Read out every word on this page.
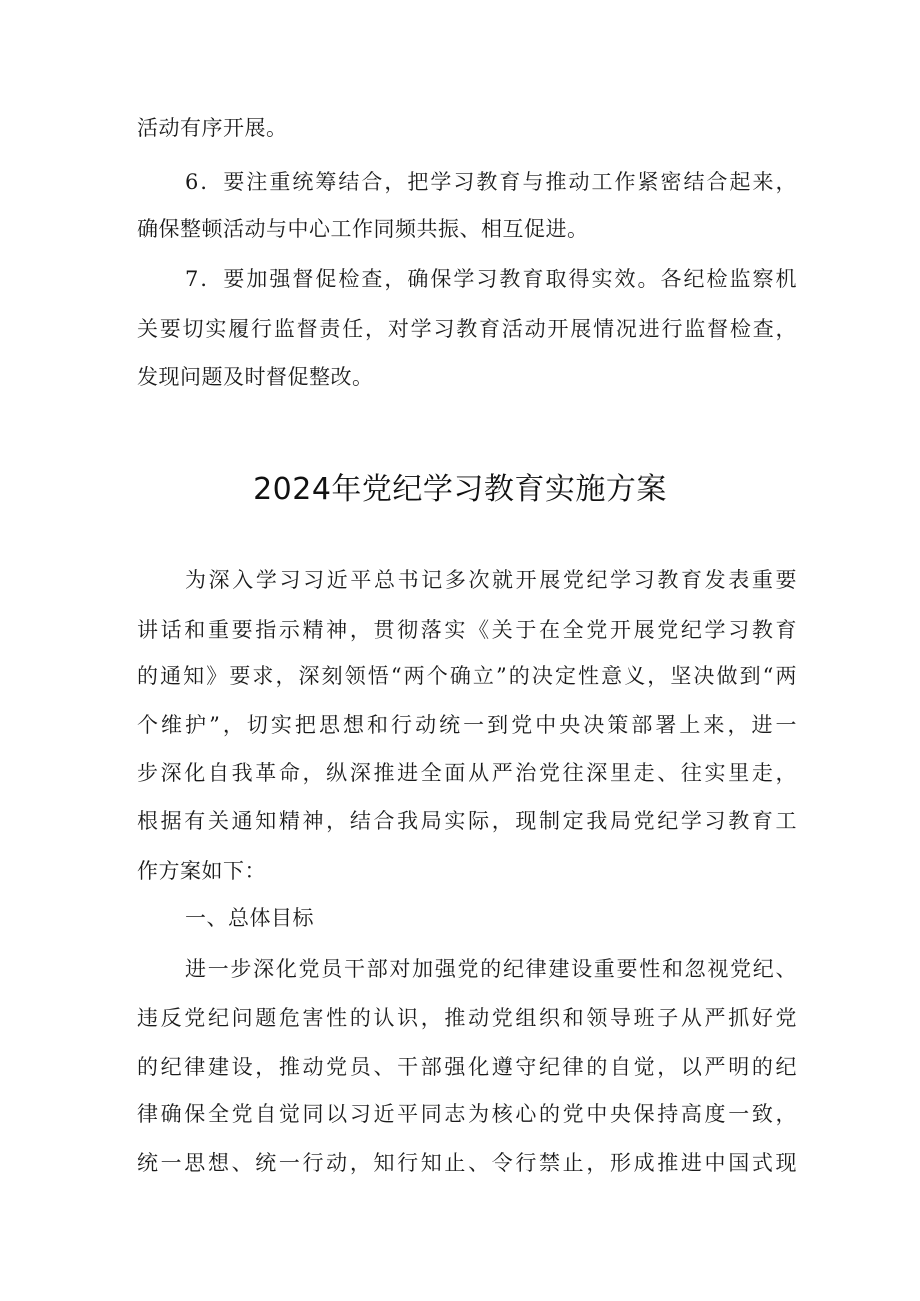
活动有序开展。
6．要注重统筹结合，把学习教育与推动工作紧密结合起来，
确保整顿活动与中心工作同频共振、相互促进。
7．要加强督促检查，确保学习教育取得实效。各纪检监察机
关要切实履行监督责任，对学习教育活动开展情况进行监督检查，
发现问题及时督促整改。
2024年党纪学习教育实施方案
为深入学习习近平总书记多次就开展党纪学习教育发表重要
讲话和重要指示精神，贯彻落实《关于在全党开展党纪学习教育
的通知》要求，深刻领悟“两个确立”的决定性意义，坚决做到“两
个维护”，切实把思想和行动统一到党中央决策部署上来，进一
步深化自我革命，纵深推进全面从严治党往深里走、往实里走，
根据有关通知精神，结合我局实际，现制定我局党纪学习教育工
作方案如下：
一、总体目标
进一步深化党员干部对加强党的纪律建设重要性和忽视党纪、
违反党纪问题危害性的认识，推动党组织和领导班子从严抓好党
的纪律建设，推动党员、干部强化遵守纪律的自觉，以严明的纪
律确保全党自觉同以习近平同志为核心的党中央保持高度一致，
统一思想、统一行动，知行知止、令行禁止，形成推进中国式现
